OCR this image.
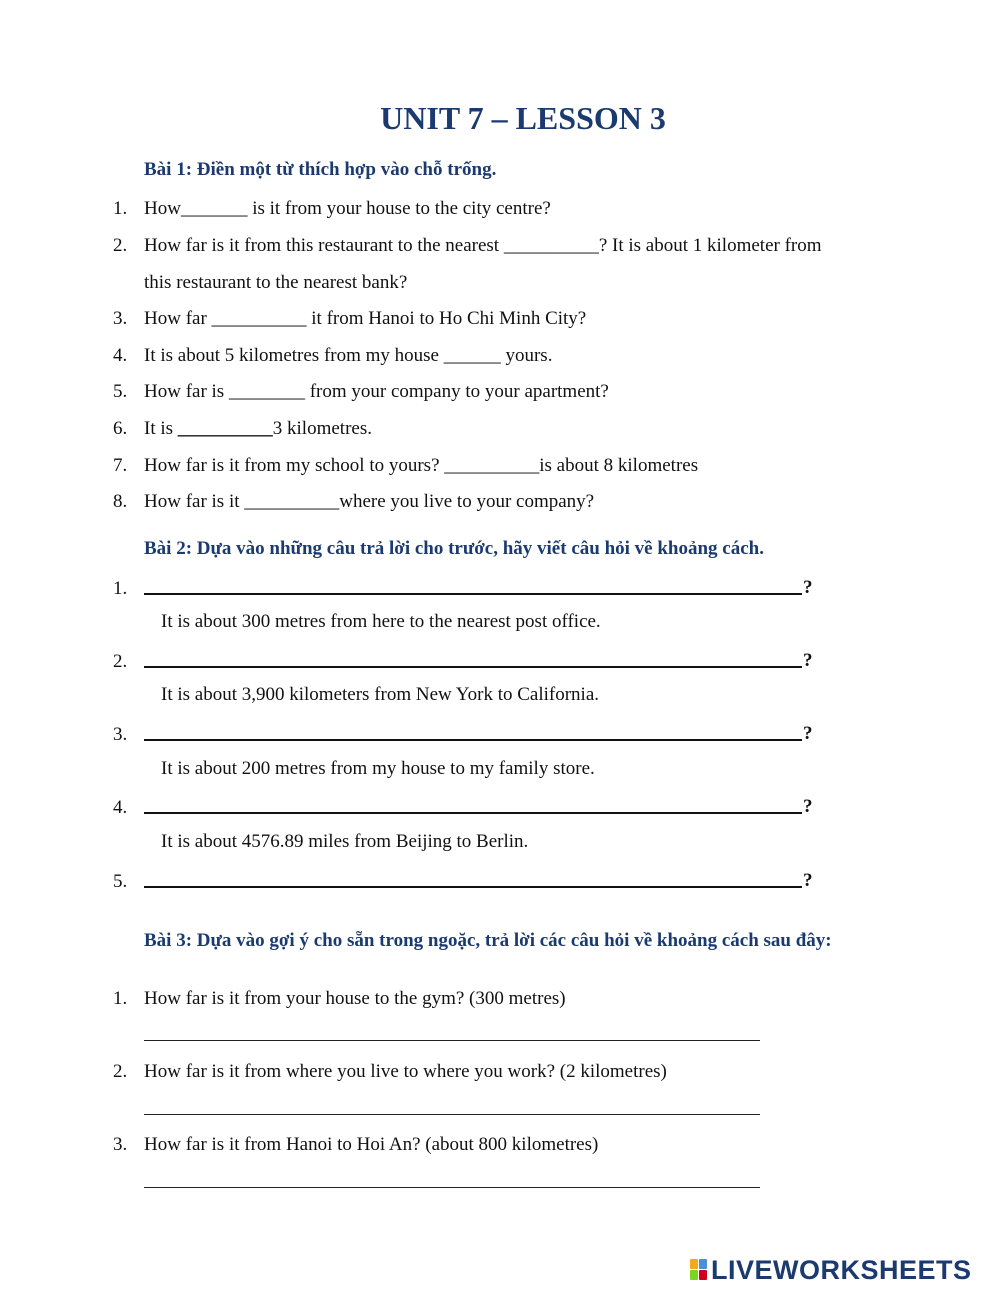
UNIT 7 – LESSON 3
Bài 1: Điền một từ thích hợp vào chỗ trống.
1. How_______ is it from your house to the city centre?
2. How far is it from this restaurant to the nearest __________? It is about 1 kilometer from
this restaurant to the nearest bank?
3. How far __________ it from Hanoi to Ho Chi Minh City?
4. It is about 5 kilometres from my house ______ yours.
5. How far is ________ from your company to your apartment?
6. It is __________3 kilometres.
7. How far is it from my school to yours? __________is about 8 kilometres
8. How far is it __________where you live to your company?
Bài 2: Dựa vào những câu trả lời cho trước, hãy viết câu hỏi về khoảng cách.
1.	?
It is about 300 metres from here to the nearest post office.
2.	?
It is about 3,900 kilometers from New York to California.
3.	?
It is about 200 metres from my house to my family store.
4.	?
It is about 4576.89 miles from Beijing to Berlin.
5.	?
Bài 3: Dựa vào gợi ý cho sẵn trong ngoặc, trả lời các câu hỏi về khoảng cách sau đây:
1. How far is it from your house to the gym? (300 metres)
2. How far is it from where you live to where you work? (2 kilometres)
3. How far is it from Hanoi to Hoi An? (about 800 kilometres)
LIVEWORKSHEETS
